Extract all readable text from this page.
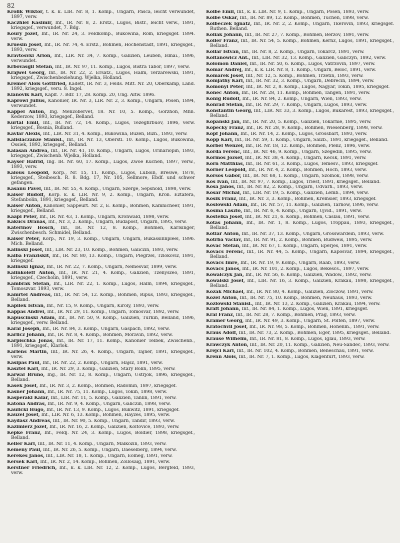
82
Krolik Wiktor, t. k. k. LIR. Nr. 8, 1. Komp., Ungarn, Pasca, leicht verwundet, 1897, verw.
Kaczhiel Kasimir, Inf., IR. Nr. 8, 2. Erstz., Lugos, Bistr., leicht verw., 1891, kriegsgef., verwundet, 7. Bdg.
Koury Jozef, Inf., IR. Nr. 24, 3. Feldkomp., Bukowina, Rom, kriegsgef. 1894. verw.
Kruesin Josef, Inf., IR. Nr. 74, 4. Erstz., Bohmen, Hochenstadt, 1891, kriegsgef., 1893, verw.
Kravtosvki Arion, Inf., LIR. Nr. 34, 7. Komp., Galizien, Leuben, Ismai., 1896, verwundet.
Krbovasgil Stefan, Inf., IR. Nr. 97, 11. Komp., Lugos, Bistra Tabor, 1897, verw.
Krajwel Georg, Inf., IR. Nr. 22, 2. Ersatz., Lugos, Halm, Terzarewski, 1891, kriegsgef., Zwischenbeziehung. Wjelka, Holland.
Kremer Alois Gottfried, Kadett, IR. Nr. 3, Felds. Mitt. Nr. 20, Oberkamp, Land. 1892, kriegsgef., veru. 8. Ingel.
Klanovik Karl, Kaplf. 7. Bdr. 17, 28. Komp. 20, Ung. Altw. 1896.
Kaprowi Julius, Kanonier, IR. Nr. 3, LIR. Nr. 2, 3. Komp., Ungarn, Posen, 1894, verwundet.
Kappel Anton, Ing. Menzobervet, 18. Nr. 10, 5. Komp., Gorzhon, Mhn. Kederzow, 1893, kriegsgef., Belland.
Kurtal Emil, Inf., IR. Nr. 72, 14. Komp., Lugos, Tezeghrbuov, 1896, verw. kriegsgef., Bosnia, Bulland.
Kavlar Alexis, Inf., LIR. Nr. 31, 4. Komp., Bukowina, Buzen, Bizn., 1893, verw.
Kalisiaczanze Stanisl., Inf., IR. Nr. 13, Oberstl. 10. Komp., Lugos, Bukowina, Ossiek, 1892, kriegsgef., Belland.
Kalasan Andrea, Inf., IR. Nr. 41, 10. Komp., Ungarn, Lugos, Urinariopin, 1893, kriegsgef., Zwischenb. Wjelka, Holland.
Kayser Hafrid, Ing. IR. Nr. 60, 17. Komp., Lugos, Zwoe Kuchen, 1897, verw., 1893, verw.
Kalous Leopold, Korp., Nr. 15, 11. Komp., Lugos, Luboin, Breswe, 1878, kriegsgef., Steibesch. R. 8. Bdg. 17, Nr. 105, Sellmore, Ebdf. und schwer gefangen.
Kasanu Pavel, Inf., IR. Nr. 55, 4. Komp., Ungarn, Szerge, Sepshold, 1898, verw.
Kaiser Rudolf, Korp. k. k. LIR. Nr. 9, 2. Komp., Ungarn, Kron. Eztafera, Stefanbolin, 1891, kriegsgef., Belland.
Kaiser Anton, Kanonier, Sappeurt. Nr. 2, E. Komp., Bohmen, Kamnicheer, 1891, kriegsgef., Belland.
Kaapi Peter, Inf., IR. Nr. 43, 1. Komp., Ungarn, Kronwald, 1898, verw.
Kakucs Dranas, Inf., Nr. 3, 2. Komp., Ungarn, Budapost, Ungarn, 1895, verw.
Katerinov Hosch, Inf., IR. Nr. 12, 8. Komp., Bohmen, Karlsinger, Zwischenbesch. Schmidel, Belland.
Kaiser Peter, Korp., Nr. 19, 3. Komp., Ungarn, Ungarn, Bukassinnpleel, 1896. Mich. Belland.
Kalinski Josef, Inf., LIR. Nr. 23, 10. Komp., Bohmen, Galiczin, 1893, verw.
Kalba Franziskit, Inf., IR. Nr. 80, 13. Komp., Ungarn, Plegrzel, Tzlokoviz, 1891, kriegsgef.
Kalinski Ignaz, Inf., IR. Nr. 22, 7. Komp., Ungarn, Nemesvar, 1899, verw.
Kalinkoleff Anton, Inf., IR. Nr. 21, 4. Komp., Galizien, Tzenyszeo, 1891, kriegsgef., Czecholin, 1891, verw.
Kambrak Stefan, Inf., LIR. Nr. 22, 1. Komp., Lugos, Halm, 1894, kriegsgef., Tomoszvar. 1893, verw.
Kamrtel Andreas, Inf., IR. Nr. 54, 12. Komp., Bohmen, Ripus, 1893, kriegsgef., Belland.
Kapilek Istvan, Inf., Nr. 15, 9. Komp., Ungarn, Kiroly, 1893, verw.
Kappas Andrei, Inf., IR. Nr. 29, 11. Komp., Ungarn, Tomosvar, 1892, verw.
Kapuscinski Adam, Inf., IR. Nr. 50, 9. Komp., Galizien, Turkin, Belland, 1896, kriegsgef., verw. Belland.
Karal Joseph, Inf., IR. Nr. 84, 3. Komp., Ungarn, Gaspach, 1892, verw.
Karlicz Johann, Inf., IR. Nr. 8, 4. Komp., Bohmen, Moravin, 1892, verw.
Karpischka Jonas, Inf., IR. Nr. 17, 11. Komp., Kanonier Telbek, Zwischenb., 1891, kriegsgef., Klarlok.
Karlens Martin, Inf., IR. Nr. 26, 4. Komp., Ungarn, Tajner, 1891, kriegsgef., verw.
Kasipas Paul, Inf., IR. Nr. 22, 2. Komp., Ungarn, Hajsz, 1891, verw.
Kasztel Karl, Inf., IR. Nr. 29, 3. Komp., Galizien, Stary Bolin, 1895, verw.
Karwal Bruno, Ing., IR. Nr. 12, 8. Komp., Ungarn, Ustrjok, 1896, kriegsgef., Belland.
Kasek Josef, Inf., IR. Nr. 3, 2. Komp., Bohmen, Radomin, 1897, kriegsgef.
Kasner Johann, Inf., IR. Nr. 75, 11. Komp., Lugos, Tokin, 1898, verw.
Kasperakl Kalar, Inf., LIR. Nr. 11, 5. Komp., Galizien, Tanlin, 1891, verw.
Katona Andras, Inf., IR. Nr. 9, 4. Komp., Ungarn, Galiczin, 1898, verw.
Kaulicki Hugo, Inf., IR. Nr. 13, 9. Komp., Lugos, Bukwitz, 1891, kriegsgef.
Kauzel Josef, Inf., LIR. Nr. 6, 13. Komp., Bohmen, Hayzes, 1895, verw.
Kaydasz Andreas, Inf., IR. Nr. 90, 5. Komp., Ungarn, Tandir, 1893, verw.
Kazimierz Jozef, Inf., IR. Nr. 16, 2. Komp., Galizien, Koltovice, 1893, verw.
Kepke Franz, Inf., Feldj. Nr. 24, 3. Komp., Lugos, Boldier, 1898, kriegsgef., Belland.
Keller Karl, Inf., IR. Nr. 11, 4. Komp., Ungarn, Malkozin, 1893, verw.
Kemeny Paul, Inf., IR. Nr. 26, 5. Komp., Ungarn, Daeselberg, 1894, verw.
Kerekes Janos, Inf., LIR. Nr. 18, 1. Komp., Ungarn, Eomeg, 1891, verw.
Kersek Karl, Inf., IR. Nr. 2, 14. Komp., Bohmen, Zollosaig, 1891, verw.
Kerstner Friedrich, Inf., k. k. LIR. Nr. 12, 2. Komp., Lugos, Bergfeld, 1893, verw.
Kolbe Emil, Inf., k. k. LIR. Nr. 9, 1. Komp., Ungarn, Posen, 1893, verw.
Kolbe Oskar, Inf., IR. Nr. 89, 12. Komp., Bohmen, Tuchen, 1898, verw.
Kolbeczek Ignatz, Inf., IR. Nr. 2, 2. Komp., Ungarn, Tkerovin, 1893, kriegsgef. Ruthen. Belland.
Koliak Johann, Inf., IR. Nr. 27, 7. Komp., Bohmen, Berzov, 1891, verw.
Koller Franz, Inf., IR. Nr. 54, 5. Komp., Bohmen, Kernz, Lugos, 1891, kriegsgef., Belland.
Kollar Istvan, Inf., IR. Nr. 8, 2. Komp., Ungarn, Tokarcz, 1891, verw.
Koltanowicz Ant., Inf., LIR. Nr. 32, 13. Komp., Galizien, Galiczyn, 1892, verw.
Kolomon Daniel, Inf., IR. Nr. 50, 6. Komp., Lugos, Vatrzovin, 1897, verw.
Komar Andrej, Inf., k. k. LIR. Nr. 8, 1. Komp., Ungarn, Beloc, 1891, verw.
Komarek Josef, Inf., Nr. 12, 5. Komp., Bohmen, Trzetin, 1893, verw.
Komjathy Karl, Inf., IR. Nr. 32, 3. Komp., Ungarn, Debrecin, 1894, verw.
Komonyi Peter, Inf., IR. Nr. 2, 8. Komp., Lugos, Nagyar, Tokin, 1895, kriegsgef.
Konec Anton, Inf., IR. Nr. 28, 11. Komp., Bohmen, Tangen, 1891, verw.
Konig Rudolf, Inf., IR. Nr. 84, 2. Komp., Ungarn, Wien, 1893, verw.
Konrad Stefan, Inf., IR. Nr. 29, 7. Komp., Ungarn, Lugos, 1893, verw.
Konstantin Georg, Inf., LIR. Nr. 33, 3. Komp., Lugos, Bukarest, 1893, kriegsgef., Belland.
Kopanski Jan, Inf., IR. Nr. 20, 5. Komp., Galizien, Tokarnie, 1895, verw.
Kopecky Franz, Inf., IR. Nr. 28, 9. Komp., Bohmen, Wiesenberg, 1898, verw.
Kopf Johann, Inf., IR. Nr. 14, 2. Komp., Lugos, Grossbart, 1893, verw.
Kopp Karl, Inf., IR. Nr. 59, 1. Komp., Ungarn, Salzb., 1891, kriegsgef., Belland.
Korbel Wenzel, Inf., IR. Nr. 18, 12. Komp., Bohmen, Plenz, 1896, verw.
Korda Ferenc, Inf., IR. Nr. 46, 9. Komp., Ungarn, Szegedin, 1895, verw.
Kormos Jozsef, Inf., IR. Nr. 38, 4. Komp., Ungarn, Kecsk, 1891, verw.
Korn Matthias, Inf., IR. Nr. 61, 3. Komp., Lugos, Temesv., 1893, kriegsgef.
Korner Leopold, Inf., IR. Nr. 4, 2. Komp., Bohmen, Hoch, 1893, verw.
Korsos Gabor, Inf., IR. Nr. 68, 1. Komp., Ungarn, Szolnok, 1898, verw.
Kos Ivan, Inf., IR. Nr. 97, 7. Komp., Lugos, Triest, 1891, kriegsgef., Belland.
Kosa Janos, Inf., IR. Nr. 82, 2. Komp., Ungarn, Udvarh., 1893, verw.
Kosar Michal, Inf., LIR. Nr. 19, 5. Komp., Galizien, Lemb., 1894, verw.
Kosik Franz, Inf., IR. Nr. 3, 3. Komp., Bohmen, Kremsier, 1893, kriegsgef.
Koslowski Adam, Inf., IR. Nr. 57, 11. Komp., Galizien, Tarnow, 1896, verw.
Kosma Laszlo, Inf., IR. Nr. 6, 4. Komp., Ungarn, Ujvid., 1891, verw.
Kostelka Josef, Inf., IR. Nr. 21, 6. Komp., Bohmen, Caslau, 1891, verw.
Kotas Johann, Inf., IR. Nr. 1, 8. Komp., Lugos, Troppau, 1893, kriegsgef., Belland.
Kotlar Anton, Inf., IR. Nr. 37, 13. Komp., Ungarn, Grosswardein, 1893, verw.
Kotrba Vaclav, Inf., IR. Nr. 91, 2. Komp., Bohmen, Budweis, 1895, verw.
Kovac Stefan, Inf., IR. Nr. 67, 1. Komp., Ungarn, Eperjes, 1891, verw.
Kovacs Ferenc, Inf., IR. Nr. 44, 5. Komp., Ungarn, Kaposvar, 1894, kriegsgef., Belland.
Kovacs Imre, Inf., IR. Nr. 19, 9. Komp., Ungarn, Raab, 1893, verw.
Kovacs Janos, Inf., IR. Nr. 101, 2. Komp., Lugos, Bekescs., 1897, verw.
Kowalczyk Jan, Inf., IR. Nr. 56, 6. Komp., Galizien, Wadow., 1892, verw.
Kowalski Josef, Inf., LIR. Nr. 16, 3. Komp., Galizien, Krakau, 1898, kriegsgef., Belland.
Kozak Michael, Inf., IR. Nr. 80, 4. Komp., Galizien, Zloczow, 1891, verw.
Kozel Anton, Inf., IR. Nr. 75, 10. Komp., Bohmen, Neuhaus, 1893, verw.
Kozlowski Stanisl., Inf., IR. Nr. 13, 2. Komp., Galizien, Krakau, 1894, verw.
Kraft Johann, Inf., IR. Nr. 84, 1. Komp., Lugos, Wien, 1891, kriegsgef.
Kral Franz, Inf., IR. Nr. 28, 7. Komp., Bohmen, Prag, 1893, verw.
Kramer Georg, Inf., IR. Nr. 49, 3. Komp., Ungarn, St. Polten, 1897, verw.
Kratochvil Josef, Inf., IR. Nr. 98, 5. Komp., Bohmen, Hohenm., 1891, verw.
Kraus Adolf, Inf., IR. Nr. 73, 2. Komp., Bohmen, Eger, 1895, kriegsgef., Belland.
Krause Wilhelm, Inf., IR. Nr. 81, 8. Komp., Lugos, Iglau, 1893, verw.
Krawczyk Anton, Inf., IR. Nr. 20, 11. Komp., Galizien, Neu-Sandec, 1893, verw.
Krejci Karl, Inf., IR. Nr. 102, 4. Komp., Bohmen, Beneschau, 1891, verw.
Krenn Alois, Inf., IR. Nr. 7, 1. Komp., Lugos, Klagenfurt, 1893, verw.
